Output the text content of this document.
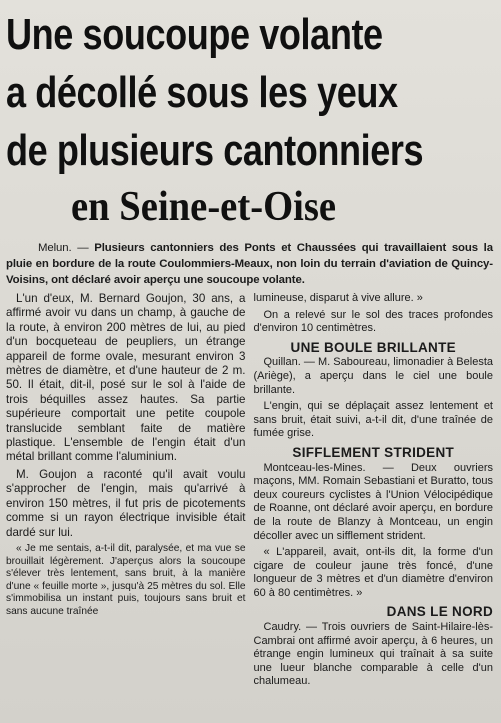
Une soucoupe volante
a décollé sous les yeux
de plusieurs cantonniers
en Seine-et-Oise

Melun. — Plusieurs cantonniers des Ponts et Chaussées qui travaillaient sous la pluie en bordure de la route Coulommiers-Meaux, non loin du terrain d'aviation de Quincy-Voisins, ont déclaré avoir aperçu une soucoupe volante.

L'un d'eux, M. Bernard Goujon, 30 ans, a affirmé avoir vu dans un champ, à gauche de la route, à environ 200 mètres de lui, au pied d'un bocqueteau de peupliers, un étrange appareil de forme ovale, mesurant environ 3 mètres de diamètre, et d'une hauteur de 2 m. 50. Il était, dit-il, posé sur le sol à l'aide de trois béquilles assez hautes. Sa partie supérieure comportait une petite coupole translucide semblant faite de matière plastique. L'ensemble de l'engin était d'un métal brillant comme l'aluminium.

M. Goujon a raconté qu'il avait voulu s'approcher de l'engin, mais qu'arrivé à environ 150 mètres, il fut pris de picotements comme si un rayon électrique invisible était dardé sur lui.

« Je me sentais, a-t-il dit, paralysée, et ma vue se brouillait légèrement. J'aperçus alors la soucoupe s'élever très lentement, sans bruit, à la manière d'une « feuille morte », jusqu'à 25 mètres du sol. Elle s'immobilisa un instant puis, toujours sans bruit et sans aucune traînée

lumineuse, disparut à vive allure. »

On a relevé sur le sol des traces profondes d'environ 10 centimètres.

UNE BOULE BRILLANTE

Quillan. — M. Saboureau, limonadier à Belesta (Ariège), a aperçu dans le ciel une boule brillante.

L'engin, qui se déplaçait assez lentement et sans bruit, était suivi, a-t-il dit, d'une traînée de fumée grise.

SIFFLEMENT STRIDENT

Montceau-les-Mines. — Deux ouvriers maçons, MM. Romain Sebastiani et Buratto, tous deux coureurs cyclistes à l'Union Vélocipédique de Roanne, ont déclaré avoir aperçu, en bordure de la route de Blanzy à Montceau, un engin décoller avec un sifflement strident.

« L'appareil, avait, ont-ils dit, la forme d'un cigare de couleur jaune très foncé, d'une longueur de 3 mètres et d'un diamètre d'environ 60 à 80 centimètres. »

DANS LE NORD

Caudry. — Trois ouvriers de Saint-Hilaire-lès-Cambrai ont affirmé avoir aperçu, à 6 heures, un étrange engin lumineux qui traînait à sa suite une lueur blanche comparable à celle d'un chalumeau.
